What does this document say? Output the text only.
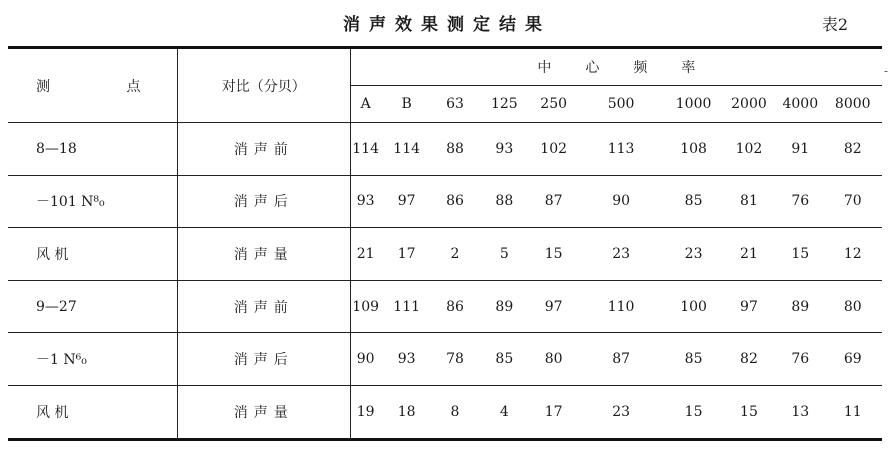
消声效果测定结果	表2
-
测 点	对比（分贝）	中心频率									
		A	B	63	125	250	500	1000	2000	4000	8000
8—18	消声前	114	114	88	93	102	113	108	102	91	82
－101 N⁸₀	消声后	93	97	86	88	87	90	85	81	76	70
风 机	消声量	21	17	2	5	15	23	23	21	15	12
9—27	消声前	109	111	86	89	97	110	100	97	89	80
－1 N⁶₀	消声后	90	93	78	85	80	87	85	82	76	69
风 机	消声量	19	18	8	4	17	23	15	15	13	11
